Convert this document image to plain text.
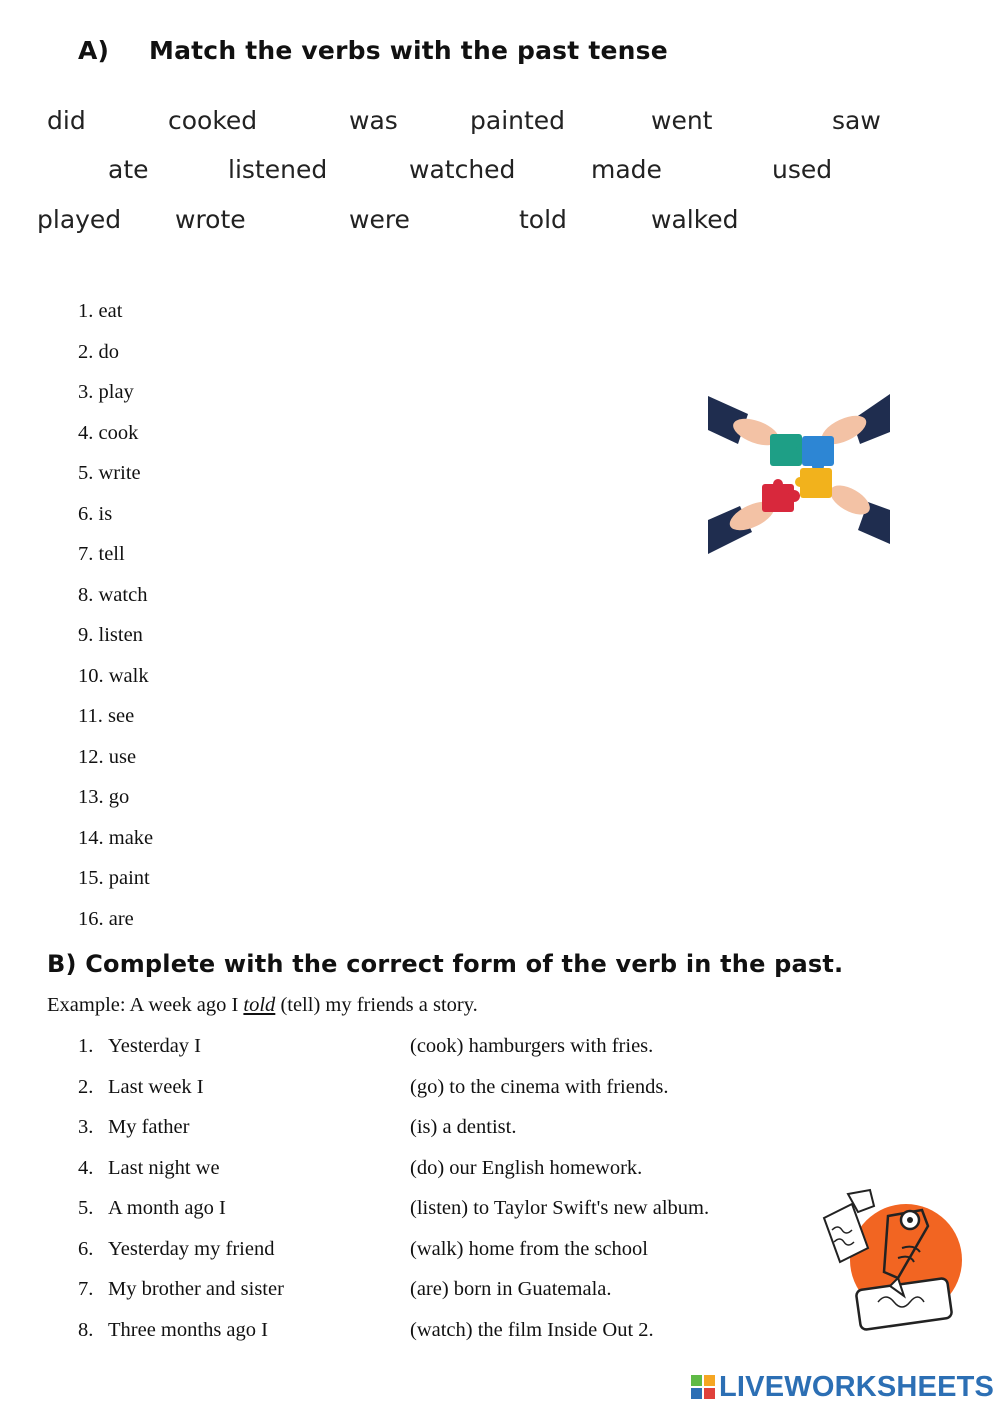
A) Match the verbs with the past tense
did	cooked	was	painted	went	saw
ate	listened	watched	made	used
played wrote	were	told	walked
1. eat
2. do
3. play
4. cook
5. write
6. is
7. tell
8. watch
9. listen
10. walk
11. see
12. use
13. go
14. make
15. paint
16. are
B) Complete with the correct form of the verb in the past.
Example: A week ago I told (tell) my friends a story.
1. Yesterday I	(cook) hamburgers with fries.
2. Last week I	(go) to the cinema with friends.
3. My father	(is) a dentist.
4. Last night we	(do) our English homework.
5. A month ago I	(listen) to Taylor Swift's new album.
6. Yesterday my friend	(walk) home from the school
7. My brother and sister	(are) born in Guatemala.
8. Three months ago I	(watch) the film Inside Out 2.
LIVEWORKSHEETS
